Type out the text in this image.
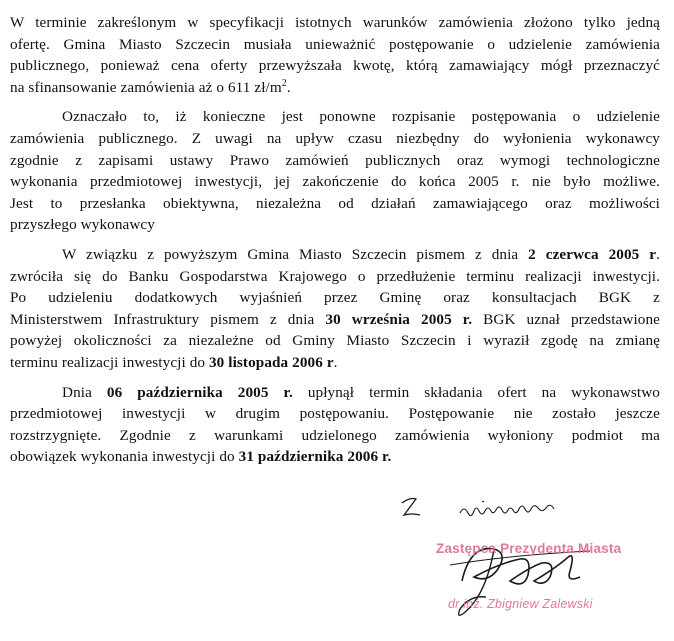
W terminie zakreślonym w specyfikacji istotnych warunków zamówienia złożono tylko jedną
ofertę. Gmina Miasto Szczecin musiała unieważnić postępowanie o udzielenie zamówienia
publicznego, ponieważ cena oferty przewyższała kwotę, którą zamawiający mógł przeznaczyć
na sfinansowanie zamówienia aż o 611 $zł/m^2$.

Oznaczało to, iż konieczne jest ponowne rozpisanie postępowania o udzielenie
zamówienia publicznego. Z uwagi na upływ czasu niezbędny do wyłonienia wykonawcy
zgodnie z zapisami ustawy Prawo zamówień publicznych oraz wymogi technologiczne
wykonania przedmiotowej inwestycji, jej zakończenie do końca 2005 r. nie było możliwe.
Jest to przesłanka obiektywna, niezależna od działań zamawiającego oraz możliwości
przyszłego wykonawcy

W związku z powyższym Gmina Miasto Szczecin pismem z dnia 2 czerwca 2005 r.
zwróciła się do Banku Gospodarstwa Krajowego o przedłużenie terminu realizacji inwestycji.
Po udzieleniu dodatkowych wyjaśnień przez Gminę oraz konsultacjach BGK z
Ministerstwem Infrastruktury pismem z dnia 30 września 2005 r. BGK uznał przedstawione
powyżej okoliczności za niezależne od Gminy Miasto Szczecin i wyraził zgodę na zmianę
terminu realizacji inwestycji do 30 listopada 2006 r.

Dnia 06 października 2005 r. upłynął termin składania ofert na wykonawstwo
przedmiotowej inwestycji w drugim postępowaniu. Postępowanie nie zostało jeszcze
rozstrzygnięte. Zgodnie z warunkami udzielonego zamówienia wyłoniony podmiot ma
obowiązek wykonania inwestycji do 31 października 2006 r.

Zastępca Prezydenta Miasta
dr inż. Zbigniew Zalewski
